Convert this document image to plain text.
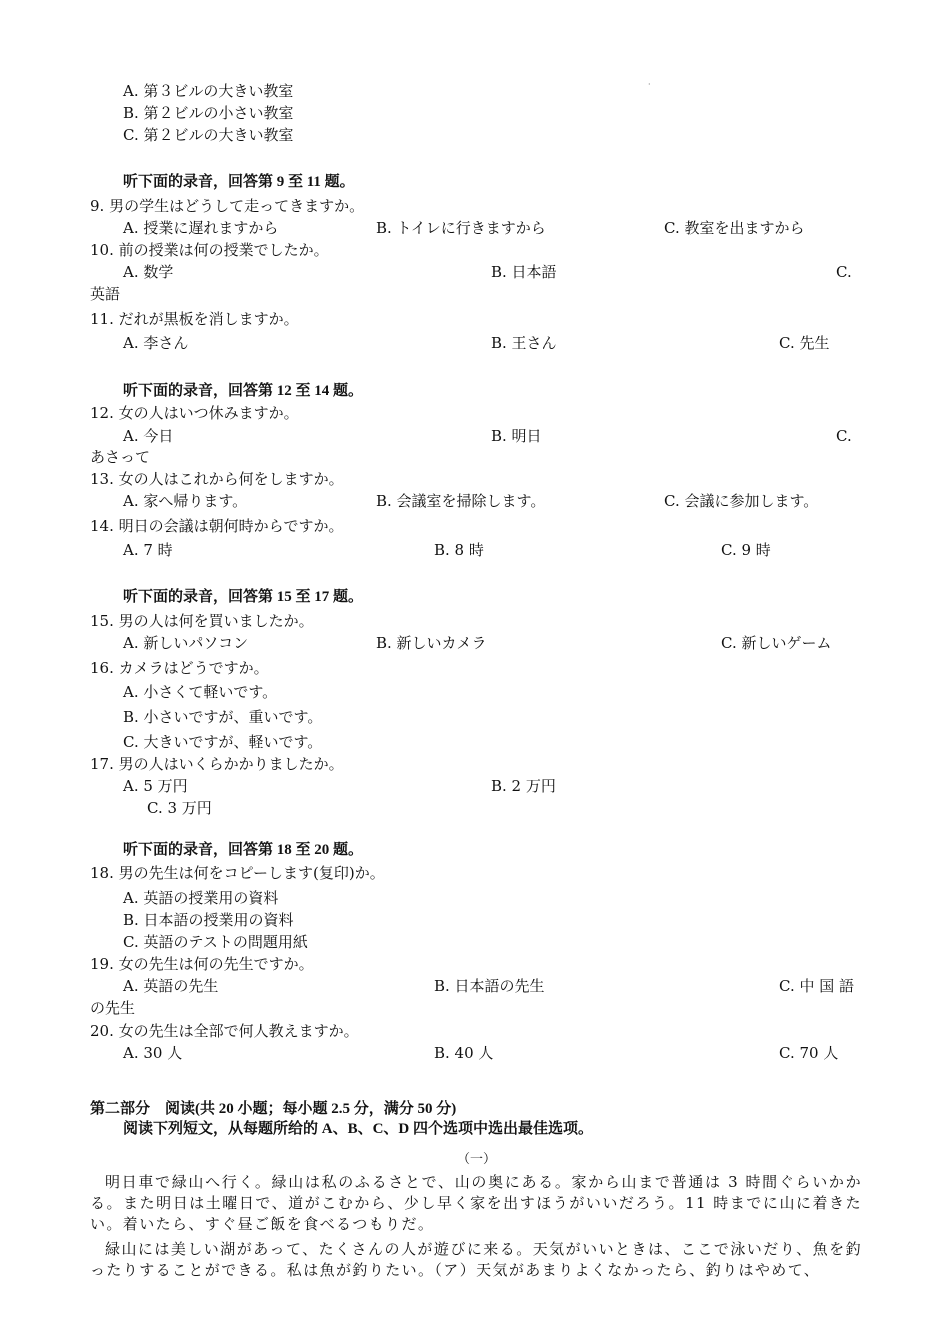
·
A. 第３ビルの大きい教室
B. 第２ビルの小さい教室
C. 第２ビルの大きい教室
听下面的录音，回答第 9 至 11 题。
9. 男の学生はどうして走ってきますか。
A. 授業に遅れますから	B. トイレに行きますから	C. 教室を出ますから
10. 前の授業は何の授業でしたか。
A. 数学	B. 日本語	C.
英語
11. だれが黒板を消しますか。
A. 李さん	B. 王さん	C. 先生
听下面的录音，回答第 12 至 14 题。
12. 女の人はいつ休みますか。
A. 今日	B. 明日	C.
あさって
13. 女の人はこれから何をしますか。
A. 家へ帰ります。	B. 会議室を掃除します。	C. 会議に参加します。
14. 明日の会議は朝何時からですか。
A. 7 時	B. 8 時	C. 9 時
听下面的录音，回答第 15 至 17 题。
15. 男の人は何を買いましたか。
A. 新しいパソコン	B. 新しいカメラ	C. 新しいゲーム
16. カメラはどうですか。
A. 小さくて軽いです。
B. 小さいですが、重いです。
C. 大きいですが、軽いです。
17. 男の人はいくらかかりましたか。
A. 5 万円	B. 2 万円
C. 3 万円
听下面的录音，回答第 18 至 20 题。
18. 男の先生は何をコピーします(复印)か。
A. 英語の授業用の資料
B. 日本語の授業用の資料
C. 英語のテストの問題用紙
19. 女の先生は何の先生ですか。
A. 英語の先生	B. 日本語の先生	C. 中 国 語
の先生
20. 女の先生は全部で何人教えますか。
A. 30 人	B. 40 人	C. 70 人
第二部分　阅读(共 20 小题；每小题 2.5 分，满分 50 分)
阅读下列短文，从每题所给的 A、B、C、D 四个选项中选出最佳选项。
（一）
明日車で緑山へ行く。緑山は私のふるさとで、山の奥にある。家から山まで普通は 3 時間ぐらいかかる。また明日は土曜日で、道がこむから、少し早く家を出すほうがいいだろう。11 時までに山に着きたい。着いたら、すぐ昼ご飯を食べるつもりだ。
緑山には美しい湖があって、たくさんの人が遊びに来る。天気がいいときは、ここで泳いだり、魚を釣ったりすることができる。私は魚が釣りたい。（ア）天気があまりよくなかったら、釣りはやめて、
